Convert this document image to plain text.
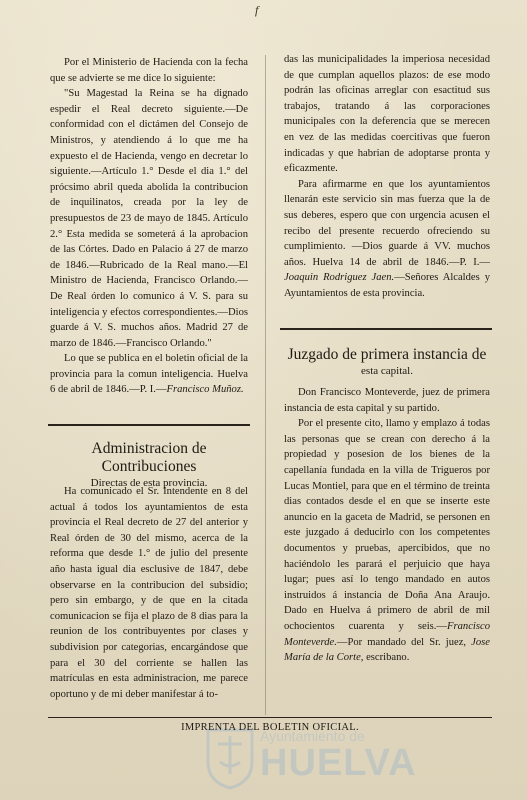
f

Por el Ministerio de Hacienda con la fecha que se advierte se me dice lo siguiente:

"Su Magestad la Reina se ha dignado espedir el Real decreto siguiente.—De conformidad con el dictámen del Consejo de Ministros, y atendiendo á lo que me ha expuesto el de Hacienda, vengo en decretar lo siguiente.—Artículo 1.° Desde el dia 1.° del prócsimo abril queda abolida la contribucion de inquilinatos, creada por la ley de presupuestos de 23 de mayo de 1845. Artículo 2.° Esta medida se someterá á la aprobacion de las Córtes. Dado en Palacio á 27 de marzo de 1846.—Rubricado de la Real mano.—El Ministro de Hacienda, Francisco Orlando.—De Real órden lo comunico á V. S. para su inteligencia y efectos correspondientes.—Dios guarde á V. S. muchos años. Madrid 27 de marzo de 1846.—Francisco Orlando."

Lo que se publica en el boletin oficial de la provincia para la comun inteligencia. Huelva 6 de abril de 1846.—P. I.—Francisco Muñoz.

Administracion de Contribuciones
Directas de esta provincia.

Ha comunicado el Sr. Intendente en 8 del actual á todos los ayuntamientos de esta provincia el Real decreto de 27 del anterior y Real órden de 30 del mismo, acerca de la reforma que desde 1.° de julio del presente año hasta igual dia esclusive de 1847, debe observarse en la contribucion del subsidio; pero sin embargo, y de que en la citada comunicacion se fija el plazo de 8 dias para la reunion de los contribuyentes por clases y subdivision por categorias, encargándose que para el 30 del corriente se hallen las matrículas en esta administracion, me parece oportuno y de mi deber manifestar á to-

das las municipalidades la imperiosa necesidad de que cumplan aquellos plazos: de ese modo podrán las oficinas arreglar con esactitud sus trabajos, tratando á las corporaciones municipales con la deferencia que se merecen en vez de las medidas coercitivas que fueron indicadas y que habrian de adoptarse pronta y eficazmente.

Para afirmarme en que los ayuntamientos llenarán este servicio sin mas fuerza que la de sus deberes, espero que con urgencia acusen el recibo del presente recuerdo ofreciendo su cumplimiento. —Dios guarde á VV. muchos años. Huelva 14 de abril de 1846.—P. I.—Joaquin Rodriguez Jaen.—Señores Alcaldes y Ayuntamientos de esta provincia.

Juzgado de primera instancia de
esta capital.

Don Francisco Monteverde, juez de primera instancia de esta capital y su partido.

Por el presente cito, llamo y emplazo á todas las personas que se crean con derecho á la propiedad y posesion de los bienes de la capellanía fundada en la villa de Trigueros por Lucas Montiel, para que en el término de treinta dias contados desde el en que se inserte este anuncio en la gaceta de Madrid, se personen en este juzgado á deducirlo con los competentes documentos y pruebas, apercibidos, que no haciéndolo les parará el perjuicio que haya lugar; pues así lo tengo mandado en autos instruidos á instancia de Doña Ana Araujo. Dado en Huelva á primero de abril de mil ochocientos cuarenta y seis.—Francisco Monteverde.—Por mandado del Sr. juez, Jose María de la Corte, escribano.

Ayuntamiento de
HUELVA
IMPRENTA DEL BOLETIN OFICIAL.
